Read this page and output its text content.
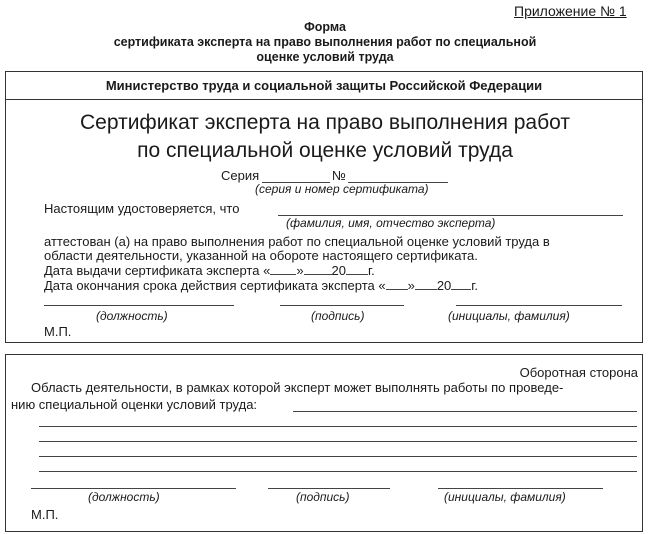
Приложение № 1
Форма
сертификата эксперта на право выполнения работ по специальной
оценке условий труда
Министерство труда и социальной защиты Российской Федерации
Сертификат эксперта на право выполнения работ
по специальной оценке условий труда
Серия	№
(серия и номер сертификата)
Настоящим удостоверяется, что
(фамилия, имя, отчество эксперта)
аттестован (а) на право выполнения работ по специальной оценке условий труда в
области деятельности, указанной на обороте настоящего сертификата.
Дата выдачи сертификата эксперта « » 20 г.
Дата окончания срока действия сертификата эксперта « » 20 г.
(должность)	(подпись)	(инициалы, фамилия)
М.П.
Оборотная сторона
Область деятельности, в рамках которой эксперт может выполнять работы по проведе-
нию специальной оценки условий труда:
(должность)	(подпись)	(инициалы, фамилия)
М.П.
